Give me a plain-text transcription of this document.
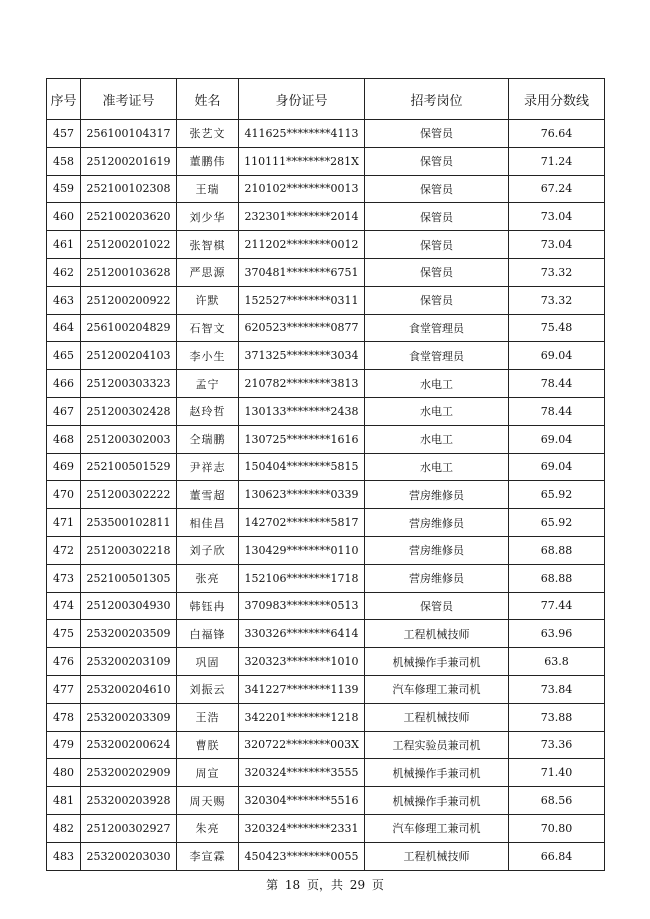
序号	准考证号	姓名	身份证号	招考岗位	录用分数线
457	256100104317	张艺文	411625********4113	保管员	76.64
458	251200201619	董鹏伟	110111********281X	保管员	71.24
459	252100102308	王瑞	210102********0013	保管员	67.24
460	252100203620	刘少华	232301********2014	保管员	73.04
461	251200201022	张智棋	211202********0012	保管员	73.04
462	251200103628	严思源	370481********6751	保管员	73.32
463	251200200922	许默	152527********0311	保管员	73.32
464	256100204829	石智文	620523********0877	食堂管理员	75.48
465	251200204103	李小生	371325********3034	食堂管理员	69.04
466	251200303323	孟宁	210782********3813	水电工	78.44
467	251200302428	赵玲哲	130133********2438	水电工	78.44
468	251200302003	仝瑞鹏	130725********1616	水电工	69.04
469	252100501529	尹祥志	150404********5815	水电工	69.04
470	251200302222	董雪超	130623********0339	营房维修员	65.92
471	253500102811	相佳昌	142702********5817	营房维修员	65.92
472	251200302218	刘子欣	130429********0110	营房维修员	68.88
473	252100501305	张亮	152106********1718	营房维修员	68.88
474	251200304930	韩钰冉	370983********0513	保管员	77.44
475	253200203509	白福锋	330326********6414	工程机械技师	63.96
476	253200203109	巩固	320323********1010	机械操作手兼司机	63.8
477	253200204610	刘振云	341227********1139	汽车修理工兼司机	73.84
478	253200203309	王浩	342201********1218	工程机械技师	73.88
479	253200200624	曹朕	320722********003X	工程实验员兼司机	73.36
480	253200202909	周宣	320324********3555	机械操作手兼司机	71.40
481	253200203928	周天赐	320304********5516	机械操作手兼司机	68.56
482	251200302927	朱亮	320324********2331	汽车修理工兼司机	70.80
483	253200203030	李宣霖	450423********0055	工程机械技师	66.84
第 18 页，共 29 页
